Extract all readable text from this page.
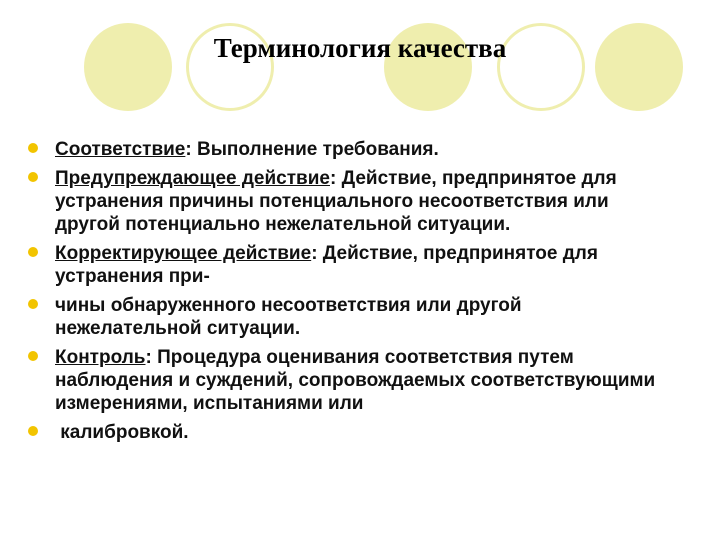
Терминология качества
Соответствие: Выполнение требования.
Предупреждающее действие: Действие, предпринятое для устранения причины потенциального несоответствия или другой потенциально нежелательной ситуации.
Корректирующее действие: Действие, предпринятое для устранения при-
чины обнаруженного несоответствия или другой нежелательной ситуации.
Контроль: Процедура оценивания соответствия путем наблюдения и суждений, сопровождаемых соответствующими измерениями, испытаниями или
калибровкой.
